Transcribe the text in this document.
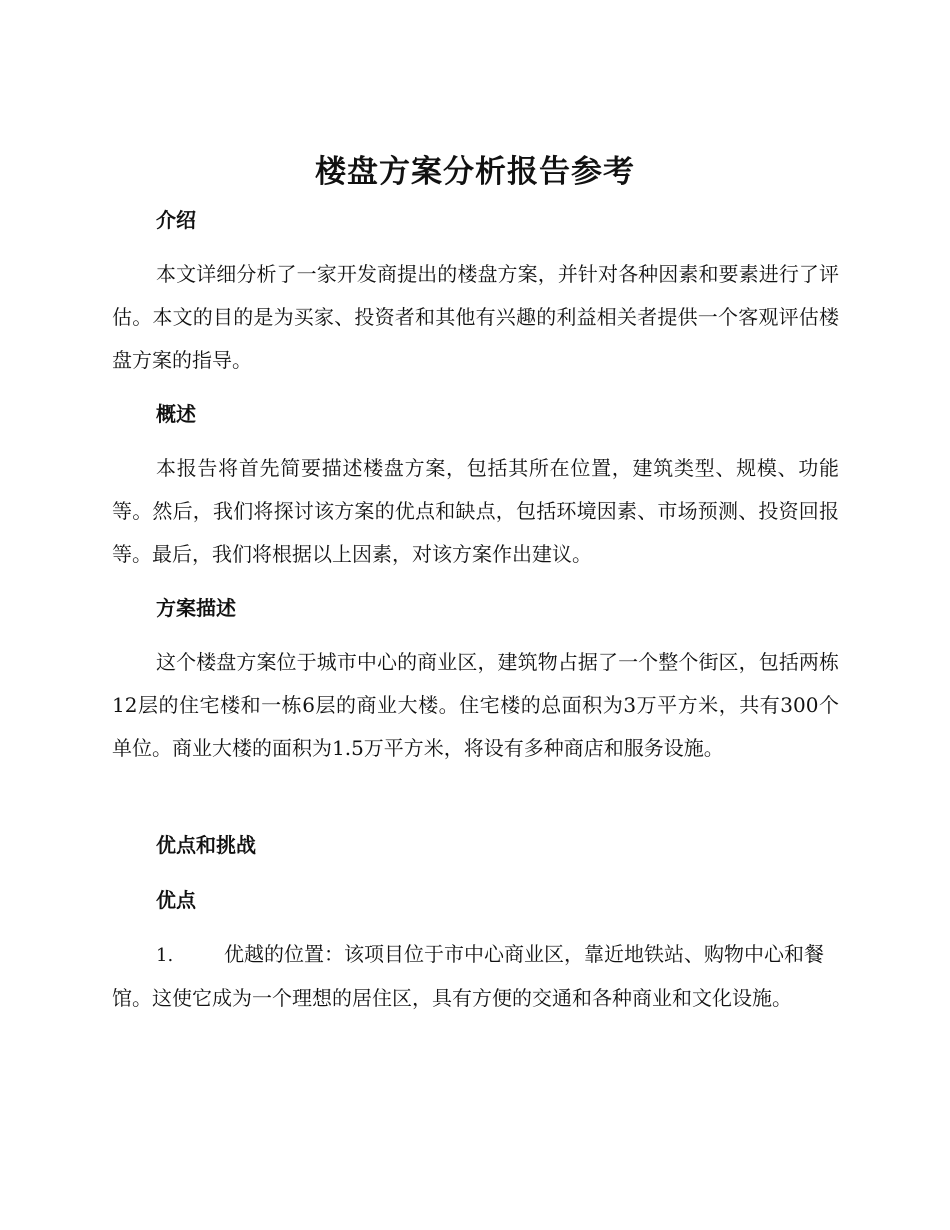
楼盘方案分析报告参考
介绍
本文详细分析了一家开发商提出的楼盘方案，并针对各种因素和要素进行了评估。本文的目的是为买家、投资者和其他有兴趣的利益相关者提供一个客观评估楼盘方案的指导。
概述
本报告将首先简要描述楼盘方案，包括其所在位置，建筑类型、规模、功能等。然后，我们将探讨该方案的优点和缺点，包括环境因素、市场预测、投资回报等。最后，我们将根据以上因素，对该方案作出建议。
方案描述
这个楼盘方案位于城市中心的商业区，建筑物占据了一个整个街区，包括两栋12层的住宅楼和一栋6层的商业大楼。住宅楼的总面积为3万平方米，共有300个单位。商业大楼的面积为1.5万平方米，将设有多种商店和服务设施。
优点和挑战
优点
1.	优越的位置：该项目位于市中心商业区，靠近地铁站、购物中心和餐馆。这使它成为一个理想的居住区，具有方便的交通和各种商业和文化设施。
